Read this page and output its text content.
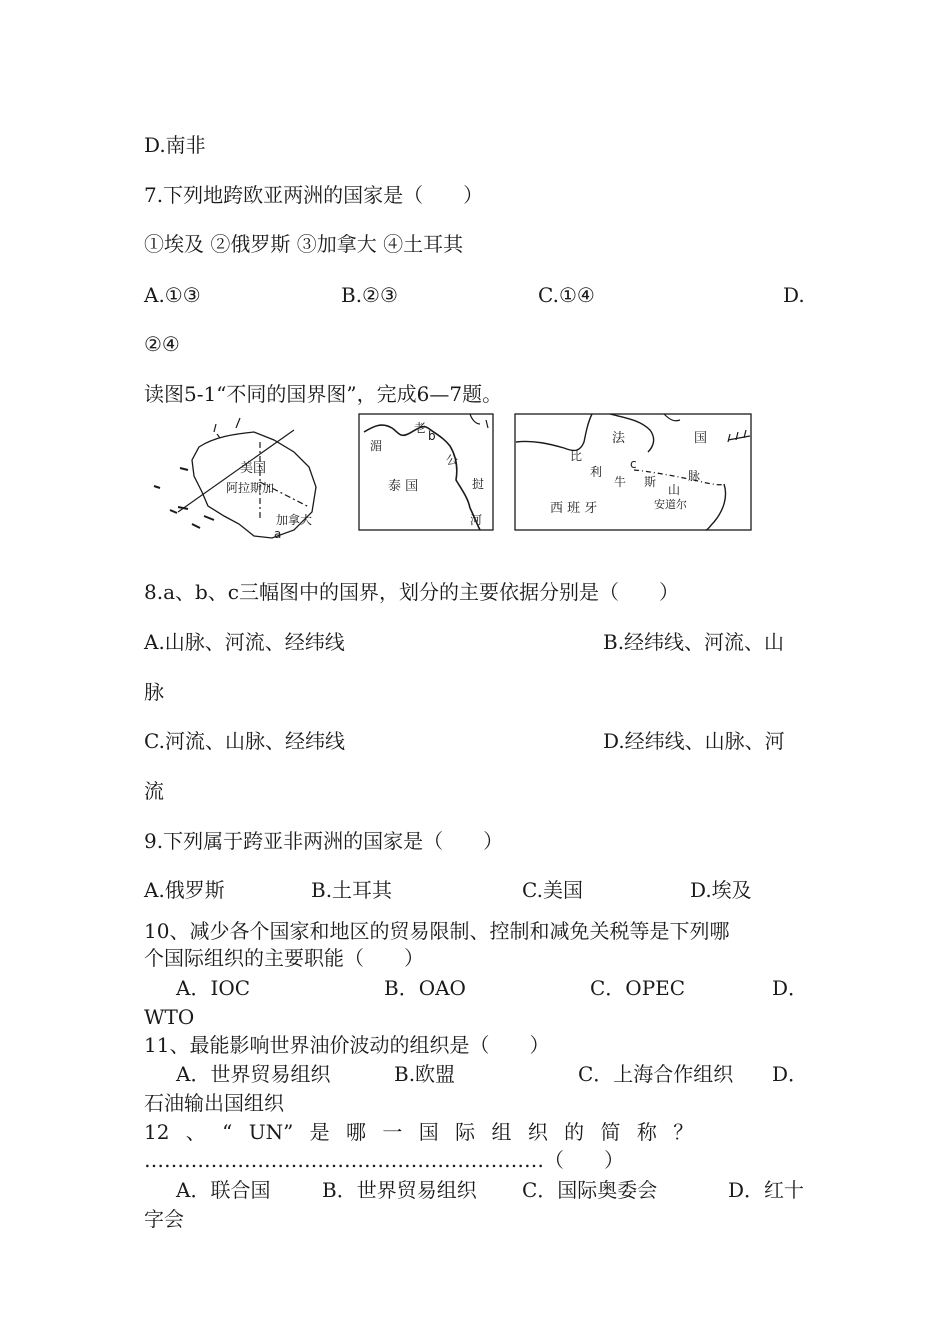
D.南非
7.下列地跨欧亚两洲的国家是（　　）
①埃及 ②俄罗斯 ③加拿大 ④土耳其
A.①③	B.②③	C.①④	D.
②④
读图5-1“不同的国界图”，完成6—7题。
美国
阿拉斯加
加拿大
a
老
b
湄
公
泰 国	挝
河
法	国
比
利
c
牛 斯
山
脉
安道尔
西 班 牙
8.a、b、c三幅图中的国界，划分的主要依据分别是（　　）
A.山脉、河流、经纬线	B.经纬线、河流、山
脉
C.河流、山脉、经纬线	D.经纬线、山脉、河
流
9.下列属于跨亚非两洲的国家是（　　）
A.俄罗斯	B.土耳其	C.美国	D.埃及
10、减少各个国家和地区的贸易限制、控制和减免关税等是下列哪
个国际组织的主要职能（　　）
A．IOC	B．OAO	C．OPEC	D．
WTO
11、最能影响世界油价波动的组织是（　　）
A．世界贸易组织	B.欧盟	C．上海合作组织 D．
石油输出国组织
12 、 “ UN” 是 哪 一 国 际 组 织 的 简 称 ？
……………………………………………………（　　）
A．联合国	B．世界贸易组织 C．国际奥委会	D．红十
字会
